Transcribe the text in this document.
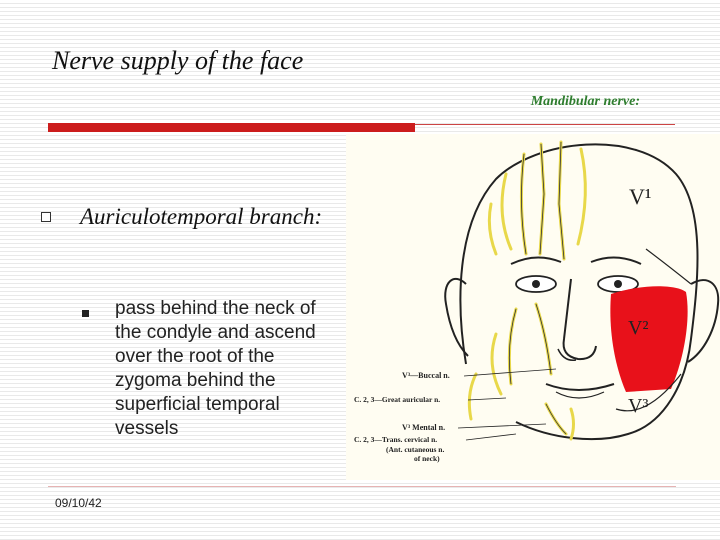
Nerve supply of the face
Mandibular nerve:
Auriculotemporal branch:
pass behind the neck of the condyle and ascend over the root of the zygoma behind the superficial temporal vessels
09/10/42
V¹
V²
V³
V³—Buccal n.
C. 2, 3—Great auricular n.
V³ Mental n.
C. 2, 3—Trans. cervical n.
(Ant. cutaneous n.
of neck)
